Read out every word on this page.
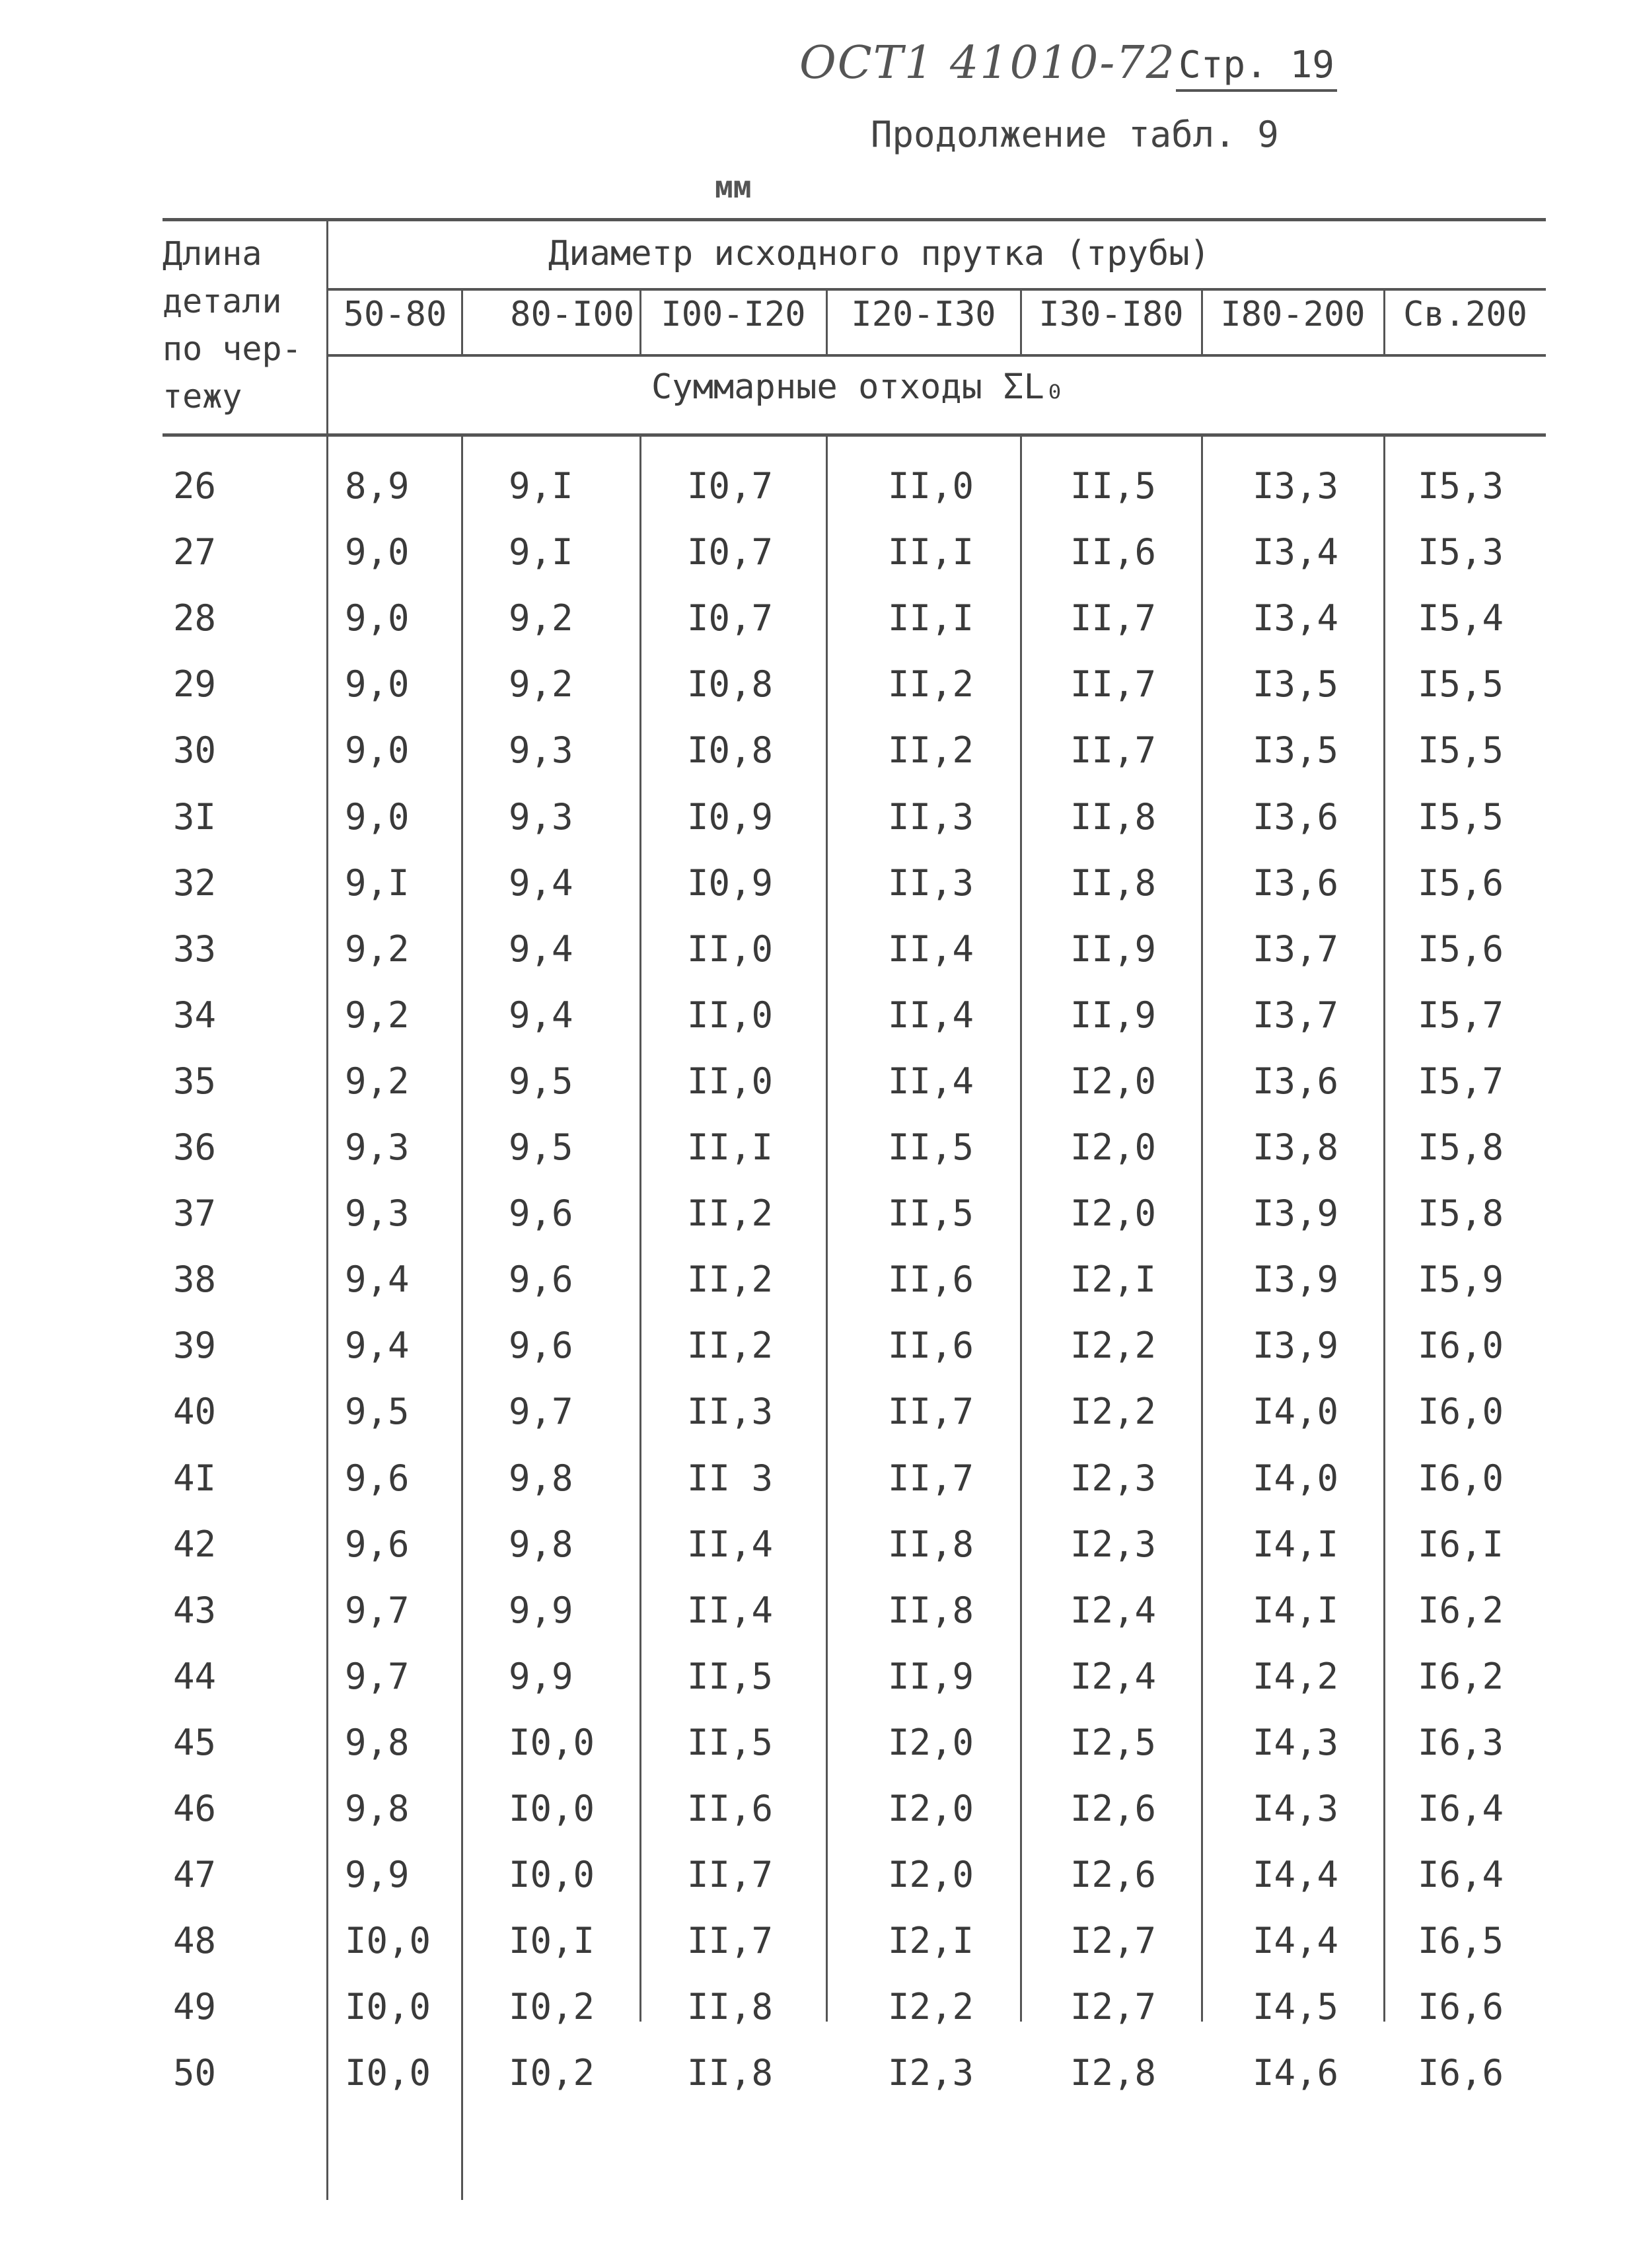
ОСТ1 41010-72 Стр. 19
Продолжение табл. 9
мм
Длина
детали
по чер-
тежу
Диаметр исходного прутка (трубы)
Суммарные отходы ΣL₀
50-80	80-I00 I00-I20	I20-I30	I30-I80	I80-200	Св.200
26	8,9	9,I	I0,7	II,0	II,5	I3,3 I5,3
27	9,0	9,I	I0,7	II,I	II,6	I3,4 I5,3
28	9,0	9,2	I0,7	II,I	II,7	I3,4 I5,4
29	9,0	9,2	I0,8	II,2	II,7	I3,5 I5,5
30	9,0	9,3	I0,8	II,2	II,7	I3,5 I5,5
3I	9,0	9,3	I0,9	II,3	II,8	I3,6 I5,5
32	9,I	9,4	I0,9	II,3	II,8	I3,6 I5,6
33	9,2	9,4	II,0	II,4	II,9	I3,7 I5,6
34	9,2	9,4	II,0	II,4	II,9	I3,7 I5,7
35	9,2	9,5	II,0	II,4	I2,0	I3,6 I5,7
36	9,3	9,5	II,I	II,5	I2,0	I3,8 I5,8
37	9,3	9,6	II,2	II,5	I2,0	I3,9 I5,8
38	9,4	9,6	II,2	II,6	I2,I	I3,9 I5,9
39	9,4	9,6	II,2	II,6	I2,2	I3,9 I6,0
40	9,5	9,7	II,3	II,7	I2,2	I4,0 I6,0
4I	9,6	9,8	II 3	II,7	I2,3	I4,0 I6,0
42	9,6	9,8	II,4	II,8	I2,3	I4,I I6,I
43	9,7	9,9	II,4	II,8	I2,4	I4,I I6,2
44	9,7	9,9	II,5	II,9	I2,4	I4,2 I6,2
45	9,8	I0,0	II,5	I2,0	I2,5	I4,3 I6,3
46	9,8	I0,0	II,6	I2,0	I2,6	I4,3 I6,4
47	9,9	I0,0	II,7	I2,0	I2,6	I4,4 I6,4
48	I0,0 I0,I	II,7	I2,I	I2,7	I4,4 I6,5
49	I0,0 I0,2	II,8	I2,2	I2,7	I4,5 I6,6
50	I0,0 I0,2	II,8	I2,3	I2,8	I4,6 I6,6
